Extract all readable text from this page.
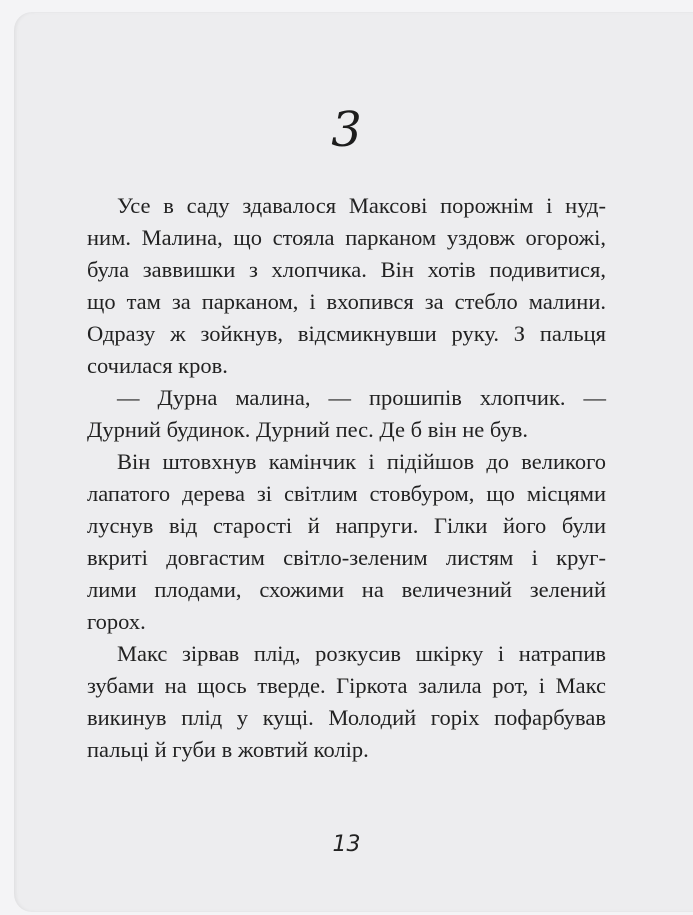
3
Усе в саду здавалося Максові порожнім і нуд-
ним. Малина, що стояла парканом уздовж огорожі,
була заввишки з хлопчика. Він хотів подивитися,
що там за парканом, і вхопився за стебло малини.
Одразу ж зойкнув, відсмикнувши руку. З пальця
сочилася кров.
— Дурна малина, — прошипів хлопчик. —
Дурний будинок. Дурний пес. Де б він не був.
Він штовхнув камінчик і підійшов до великого
лапатого дерева зі світлим стовбуром, що місцями
луснув від старості й напруги. Гілки його були
вкриті довгастим світло-зеленим листям і круг-
лими плодами, схожими на величезний зелений
горох.
Макс зірвав плід, розкусив шкірку і натрапив
зубами на щось тверде. Гіркота залила рот, і Макс
викинув плід у кущі. Молодий горіх пофарбував
пальці й губи в жовтий колір.
13
